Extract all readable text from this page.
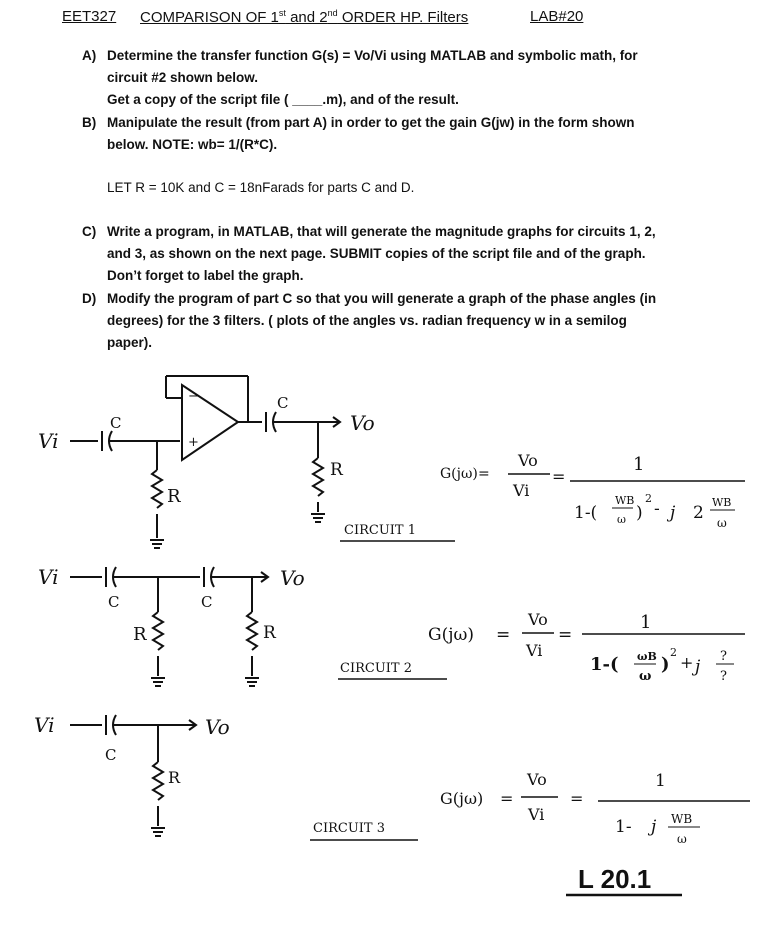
EET327 COMPARISON OF 1st and 2nd ORDER HP. Filters	LAB#20
A) Determine the transfer function G(s) = Vo/Vi using MATLAB and symbolic math, for
circuit #2 shown below.
Get a copy of the script file ( ____.m), and of the result.
B) Manipulate the result (from part A) in order to get the gain G(jw) in the form shown
below. NOTE: wb= 1/(R*C).
LET R = 10K and C = 18nFarads for parts C and D.
C) Write a program, in MATLAB, that will generate the magnitude graphs for circuits 1, 2,
and 3, as shown on the next page. SUBMIT copies of the script file and of the graph.
Don’t forget to label the graph.
D) Modify the program of part C so that you will generate a graph of the phase angles (in
degrees) for the 3 filters. ( plots of the angles vs. radian frequency w in a semilog
paper).
Vi
C
−
+
C
Vo
R
R
CIRCUIT 1
G(jω) =
Vo
Vi
=
1
1-(
WB
ω )
2
- j 2
WB
ω
Vi
C	C
Vo
R	R
CIRCUIT 2
G(jω) =
Vo
Vi
=
1
1-( ωB
ω
)
2
+ j
?
?
Vi
C
Vo
R
CIRCUIT 3
G(jω) =
Vo
Vi
=
1
1- j WB
ω
L 20.1
